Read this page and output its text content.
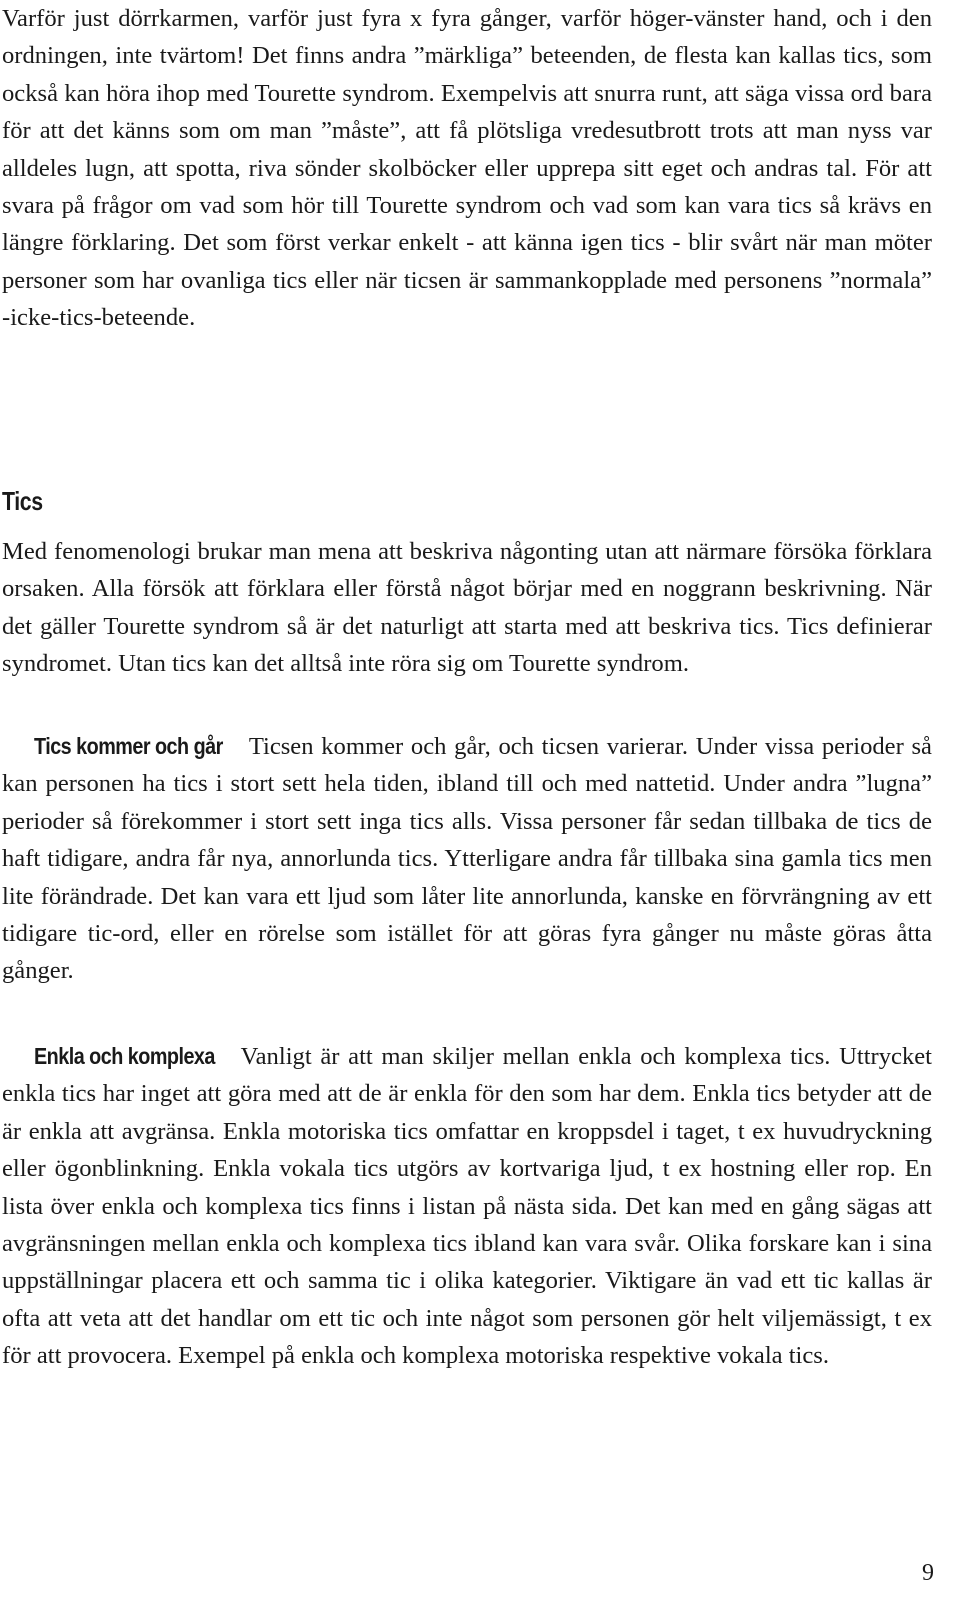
Varför just dörrkarmen, varför just fyra x fyra gånger, varför höger-vänster hand, och i den ordningen, inte tvärtom! Det finns andra ”märkliga” beteenden, de flesta kan kallas tics, som också kan höra ihop med Tourette syndrom. Exempelvis att snurra runt, att säga vissa ord bara för att det känns som om man ”måste”, att få plötsliga vredesutbrott trots att man nyss var alldeles lugn, att spotta, riva sönder skolböcker eller upprepa sitt eget och andras tal. För att svara på frågor om vad som hör till Tourette syndrom och vad som kan vara tics så krävs en längre förklaring. Det som först verkar enkelt - att känna igen tics - blir svårt när man möter personer som har ovanliga tics eller när ticsen är sammankopplade med personens ”normala” -icke-tics-beteende.

Tics

Med fenomenologi brukar man mena att beskriva någonting utan att närmare försöka förklara orsaken. Alla försök att förklara eller förstå något börjar med en noggrann beskrivning. När det gäller Tourette syndrom så är det naturligt att starta med att beskriva tics. Tics definierar syndromet. Utan tics kan det alltså inte röra sig om Tourette syndrom.

Tics kommer och går Ticsen kommer och går, och ticsen varierar. Under vissa perioder så kan personen ha tics i stort sett hela tiden, ibland till och med nattetid. Under andra ”lugna” perioder så förekommer i stort sett inga tics alls. Vissa personer får sedan tillbaka de tics de haft tidigare, andra får nya, annorlunda tics. Ytterligare andra får tillbaka sina gamla tics men lite förändrade. Det kan vara ett ljud som låter lite annorlunda, kanske en förvrängning av ett tidigare tic-ord, eller en rörelse som istället för att göras fyra gånger nu måste göras åtta gånger.

Enkla och komplexa Vanligt är att man skiljer mellan enkla och komplexa tics. Uttrycket enkla tics har inget att göra med att de är enkla för den som har dem. Enkla tics betyder att de är enkla att avgränsa. Enkla motoriska tics omfattar en kroppsdel i taget, t ex huvudryckning eller ögonblinkning. Enkla vokala tics utgörs av kortvariga ljud, t ex hostning eller rop. En lista över enkla och komplexa tics finns i listan på nästa sida. Det kan med en gång sägas att avgränsningen mellan enkla och komplexa tics ibland kan vara svår. Olika forskare kan i sina uppställningar placera ett och samma tic i olika kategorier. Viktigare än vad ett tic kallas är ofta att veta att det handlar om ett tic och inte något som personen gör helt viljemässigt, t ex för att provocera. Exempel på enkla och komplexa motoriska respektive vokala tics.

9
